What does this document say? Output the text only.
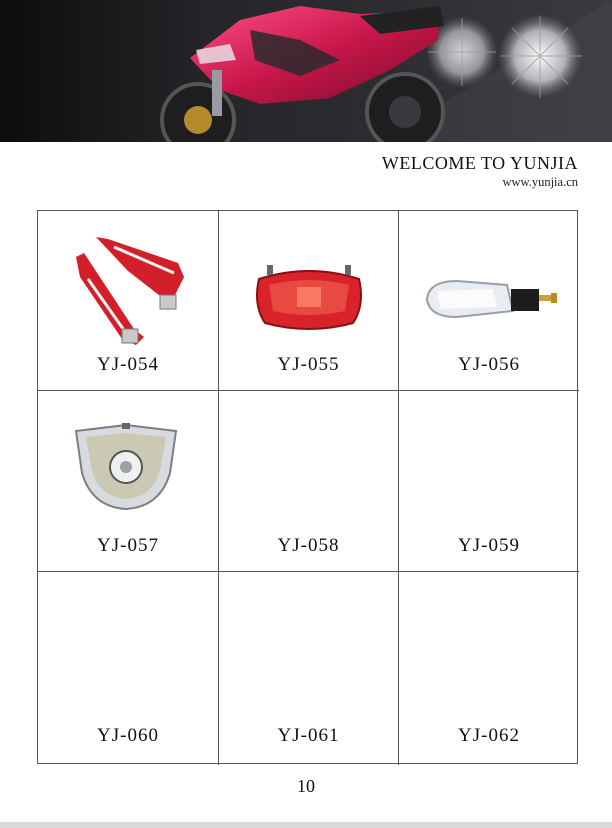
WELCOME TO YUNJIA
www.yunjia.cn
YJ-054	YJ-055	YJ-056
YJ-057	YJ-058	YJ-059
YJ-060	YJ-061	YJ-062
10
